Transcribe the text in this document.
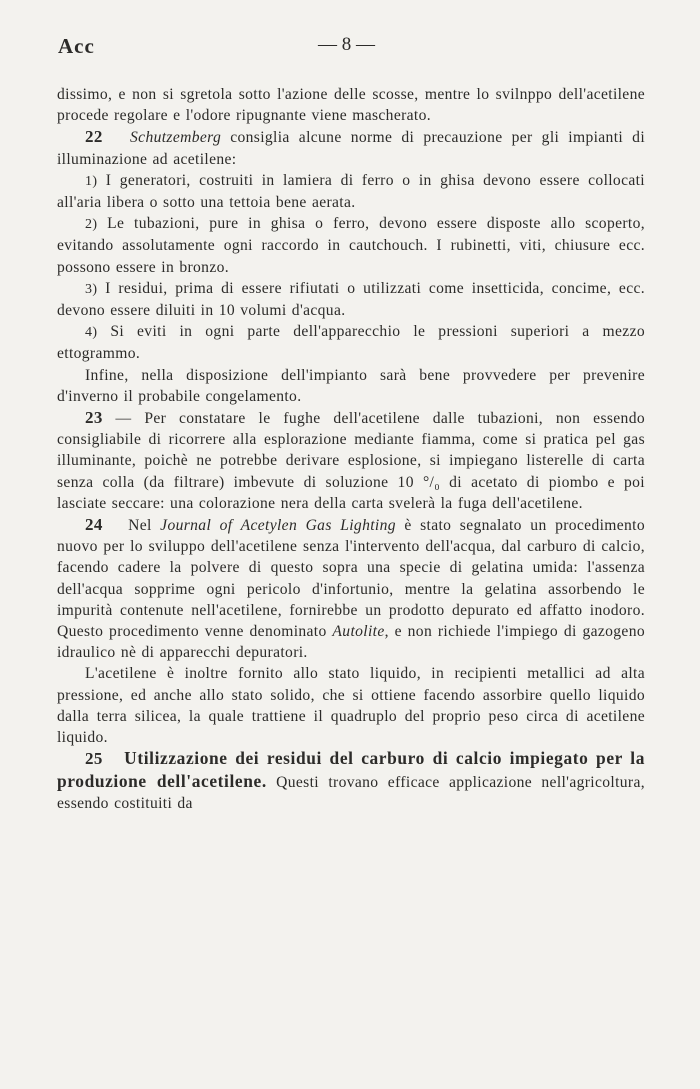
Acc	— 8 —

dissimo, e non si sgretola sotto l'azione delle scosse, mentre lo svilnppo dell'acetilene procede regolare e l'odore ripugnante viene mascherato.

22 Schutzemberg consiglia alcune norme di precauzione per gli impianti di illuminazione ad acetilene:

1) I generatori, costruiti in lamiera di ferro o in ghisa devono essere collocati all'aria libera o sotto una tettoia bene aerata.

2) Le tubazioni, pure in ghisa o ferro, devono essere disposte allo scoperto, evitando assolutamente ogni raccordo in cautchouch. I rubinetti, viti, chiusure ecc. possono essere in bronzo.

3) I residui, prima di essere rifiutati o utilizzati come insetticida, concime, ecc. devono essere diluiti in 10 volumi d'acqua.

4) Si eviti in ogni parte dell'apparecchio le pressioni superiori a mezzo ettogrammo.

Infine, nella disposizione dell'impianto sarà bene provvedere per prevenire d'inverno il probabile congelamento.

23 — Per constatare le fughe dell'acetilene dalle tubazioni, non essendo consigliabile di ricorrere alla esplorazione mediante fiamma, come si pratica pel gas illuminante, poichè ne potrebbe derivare esplosione, si impiegano listerelle di carta senza colla (da filtrare) imbevute di soluzione 10 °/₀ di acetato di piombo e poi lasciate seccare: una colorazione nera della carta svelerà la fuga dell'acetilene.

24   Nel Journal of Acetylen Gas Lighting è stato segnalato un procedimento nuovo per lo sviluppo dell'acetilene senza l'intervento dell'acqua, dal carburo di calcio, facendo cadere la polvere di questo sopra una specie di gelatina umida: l'assenza dell'acqua sopprime ogni pericolo d'infortunio, mentre la gelatina assorbendo le impurità contenute nell'acetilene, fornirebbe un prodotto depurato ed affatto inodoro. Questo procedimento venne denominato Autolite, e non richiede l'impiego di gazogeno idraulico nè di apparecchi depuratori.

L'acetilene è inoltre fornito allo stato liquido, in recipienti metallici ad alta pressione, ed anche allo stato solido, che si ottiene facendo assorbire quello liquido dalla terra silicea, la quale trattiene il quadruplo del proprio peso circa di acetilene liquido.

25   Utilizzazione dei residui del carburo di calcio impiegato per la produzione dell'acetilene. Questi trovano efficace applicazione nell'agricoltura, essendo costituiti da
